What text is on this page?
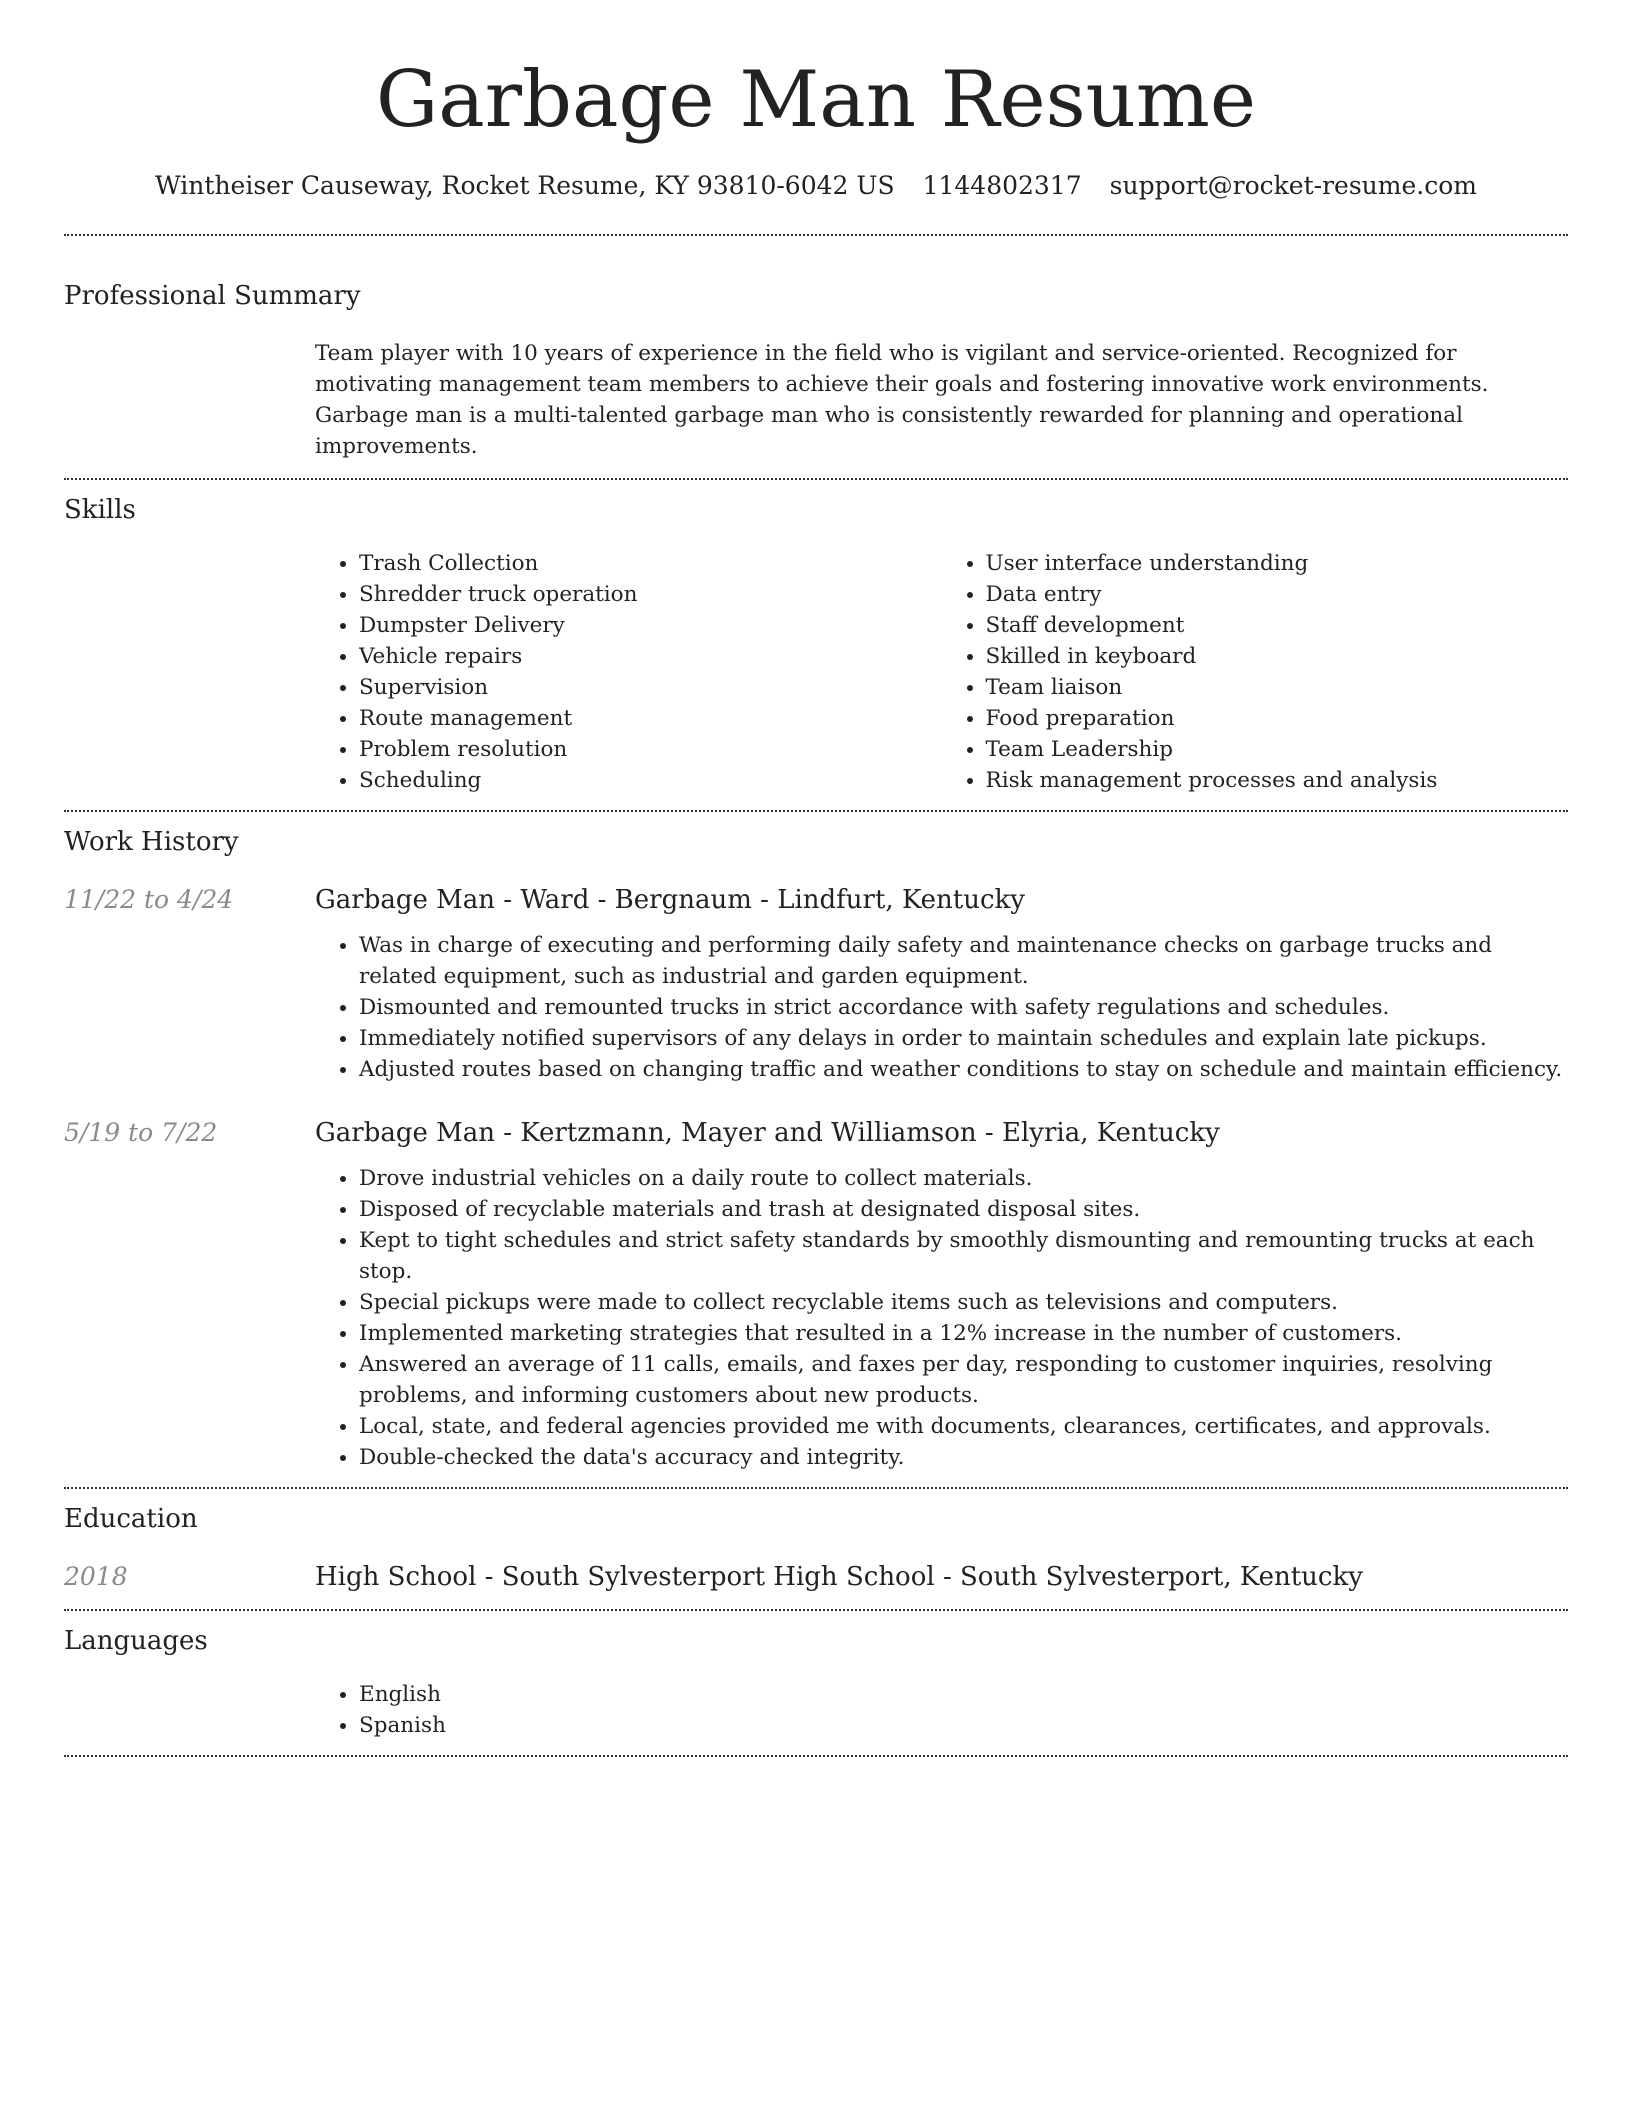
Garbage Man Resume
Wintheiser Causeway, Rocket Resume, KY 93810-6042 US 1144802317 support@rocket-resume.com
Professional Summary

Team player with 10 years of experience in the field who is vigilant and service-oriented. Recognized for motivating management team members to achieve their goals and fostering innovative work environments. Garbage man is a multi-talented garbage man who is consistently rewarded for planning and operational improvements.

Skills
• Trash Collection
• Shredder truck operation
• Dumpster Delivery
• Vehicle repairs
• Supervision
• Route management
• Problem resolution
• Scheduling
• User interface understanding
• Data entry
• Staff development
• Skilled in keyboard
• Team liaison
• Food preparation
• Team Leadership
• Risk management processes and analysis
Work History
11/22 to 4/24	Garbage Man - Ward - Bergnaum - Lindfurt, Kentucky
• Was in charge of executing and performing daily safety and maintenance checks on garbage trucks and related equipment, such as industrial and garden equipment.
• Dismounted and remounted trucks in strict accordance with safety regulations and schedules.
• Immediately notified supervisors of any delays in order to maintain schedules and explain late pickups.
• Adjusted routes based on changing traffic and weather conditions to stay on schedule and maintain efficiency.
5/19 to 7/22	Garbage Man - Kertzmann, Mayer and Williamson - Elyria, Kentucky
• Drove industrial vehicles on a daily route to collect materials.
• Disposed of recyclable materials and trash at designated disposal sites.
• Kept to tight schedules and strict safety standards by smoothly dismounting and remounting trucks at each stop.
• Special pickups were made to collect recyclable items such as televisions and computers.
• Implemented marketing strategies that resulted in a 12% increase in the number of customers.
• Answered an average of 11 calls, emails, and faxes per day, responding to customer inquiries, resolving problems, and informing customers about new products.
• Local, state, and federal agencies provided me with documents, clearances, certificates, and approvals.
• Double-checked the data's accuracy and integrity.
Education
2018	High School - South Sylvesterport High School - South Sylvesterport, Kentucky
Languages
• English
• Spanish
